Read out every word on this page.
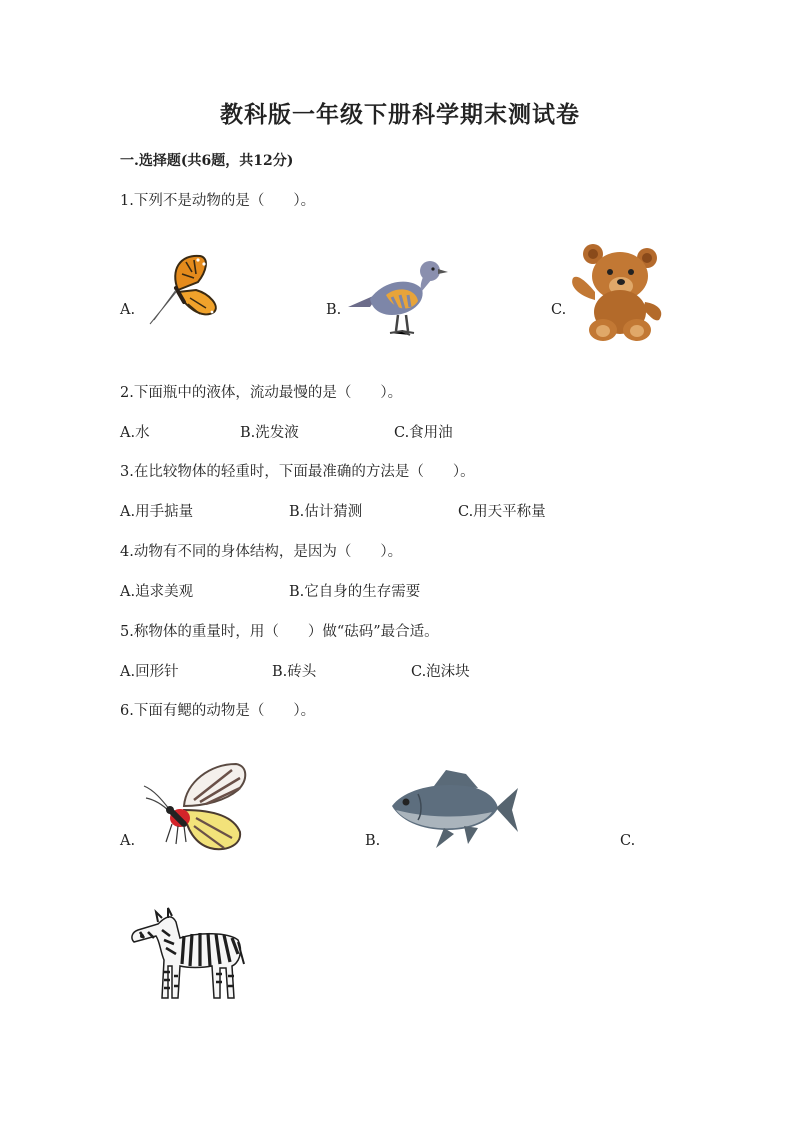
教科版一年级下册科学期末测试卷
一.选择题(共6题，共12分)
1.下列不是动物的是（　　）。
A.	B.	C.
2.下面瓶中的液体，流动最慢的是（　　）。
A.水	B.洗发液	C.食用油
3.在比较物体的轻重时，下面最准确的方法是（　　）。
A.用手掂量	B.估计猜测	C.用天平称量
4.动物有不同的身体结构，是因为（　　）。
A.追求美观	B.它自身的生存需要
5.称物体的重量时，用（　　）做“砝码”最合适。
A.回形针	B.砖头	C.泡沫块
6.下面有鳃的动物是（　　）。
A.	B.	C.
